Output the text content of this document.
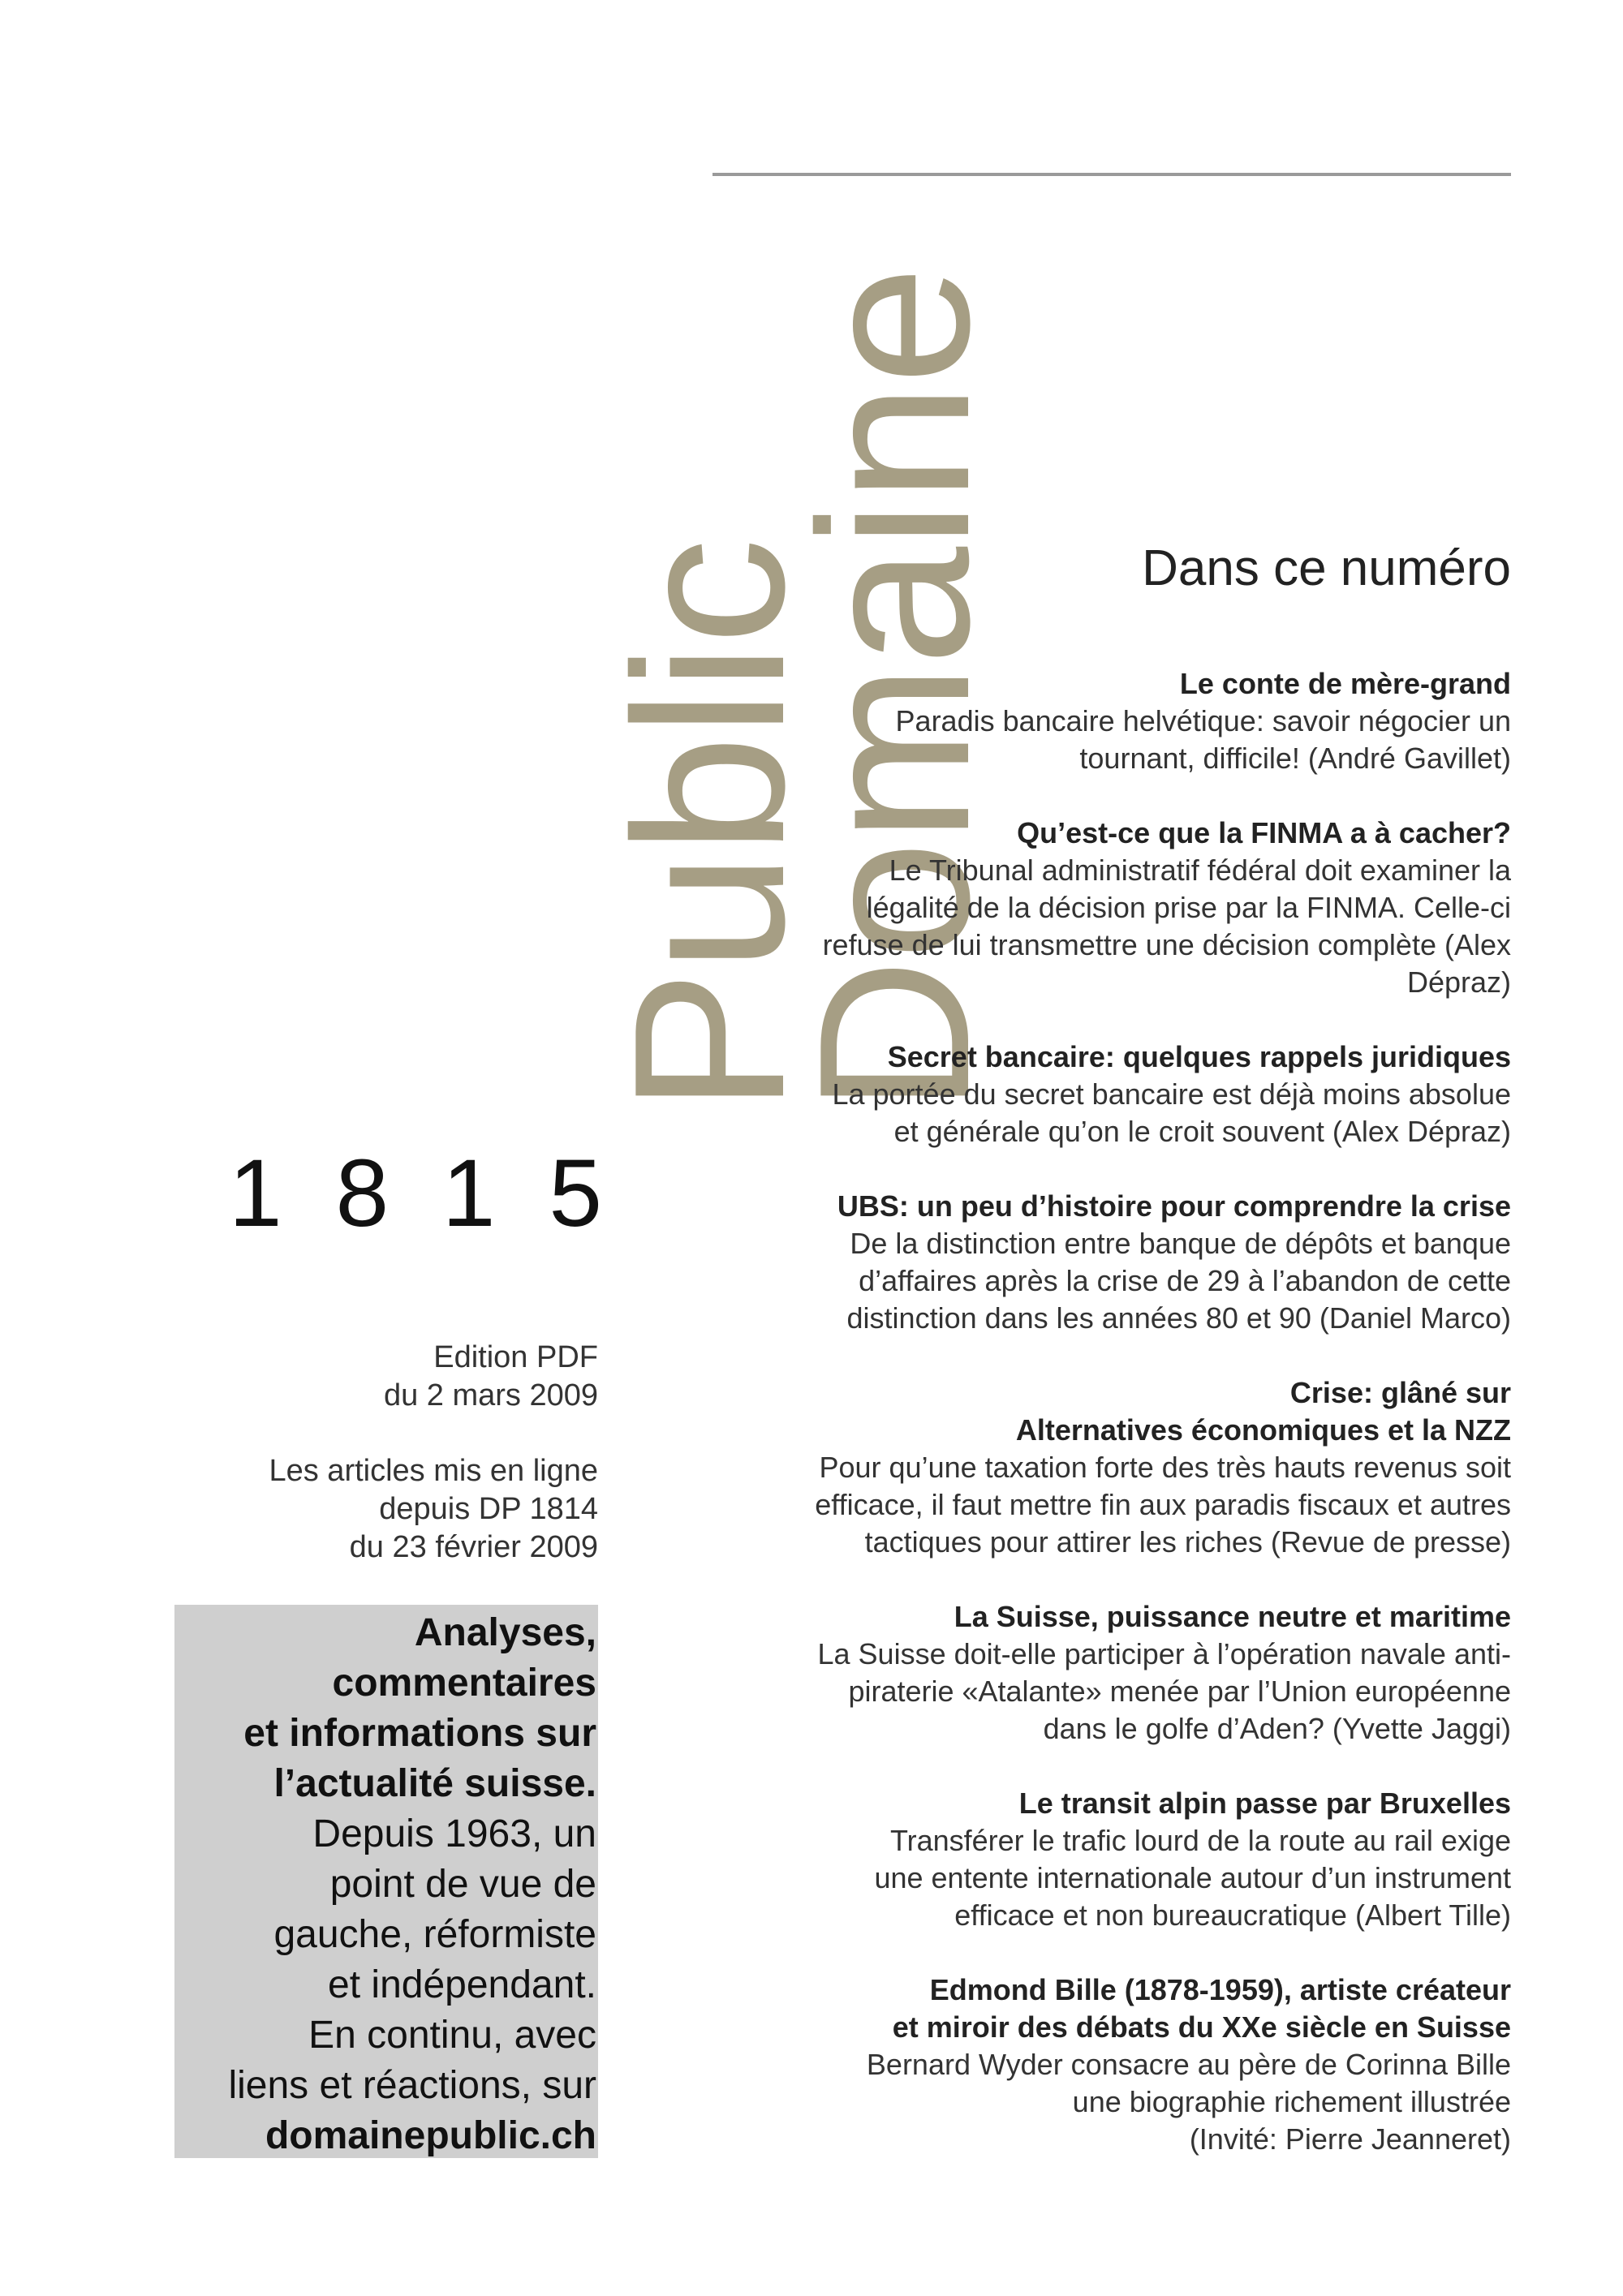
Public
Domaine
1 8 1 5
Edition PDF
du 2 mars 2009
Les articles mis en ligne
depuis DP 1814
du 23 février 2009
Analyses,
commentaires
et informations sur
l’actualité suisse.
Depuis 1963, un
point de vue de
gauche, réformiste
et indépendant.
En continu, avec
liens et réactions, sur
domainepublic.ch
Dans ce numéro
Le conte de mère-grand
Paradis bancaire helvétique: savoir négocier un
tournant, difficile! (André Gavillet)
Qu’est-ce que la FINMA a à cacher?
Le Tribunal administratif fédéral doit examiner la
légalité de la décision prise par la FINMA. Celle-ci
refuse de lui transmettre une décision complète (Alex
Dépraz)
Secret bancaire: quelques rappels juridiques
La portée du secret bancaire est déjà moins absolue
et générale qu’on le croit souvent (Alex Dépraz)
UBS: un peu d’histoire pour comprendre la crise
De la distinction entre banque de dépôts et banque
d’affaires après la crise de 29 à l’abandon de cette
distinction dans les années 80 et 90 (Daniel Marco)
Crise: glâné sur
Alternatives économiques et la NZZ
Pour qu’une taxation forte des très hauts revenus soit
efficace, il faut mettre fin aux paradis fiscaux et autres
tactiques pour attirer les riches (Revue de presse)
La Suisse, puissance neutre et maritime
La Suisse doit-elle participer à l’opération navale anti-
piraterie «Atalante» menée par l’Union européenne
dans le golfe d’Aden? (Yvette Jaggi)
Le transit alpin passe par Bruxelles
Transférer le trafic lourd de la route au rail exige
une entente internationale autour d’un instrument
efficace et non bureaucratique (Albert Tille)
Edmond Bille (1878-1959), artiste créateur
et miroir des débats du XXe siècle en Suisse
Bernard Wyder consacre au père de Corinna Bille
une biographie richement illustrée
(Invité: Pierre Jeanneret)
